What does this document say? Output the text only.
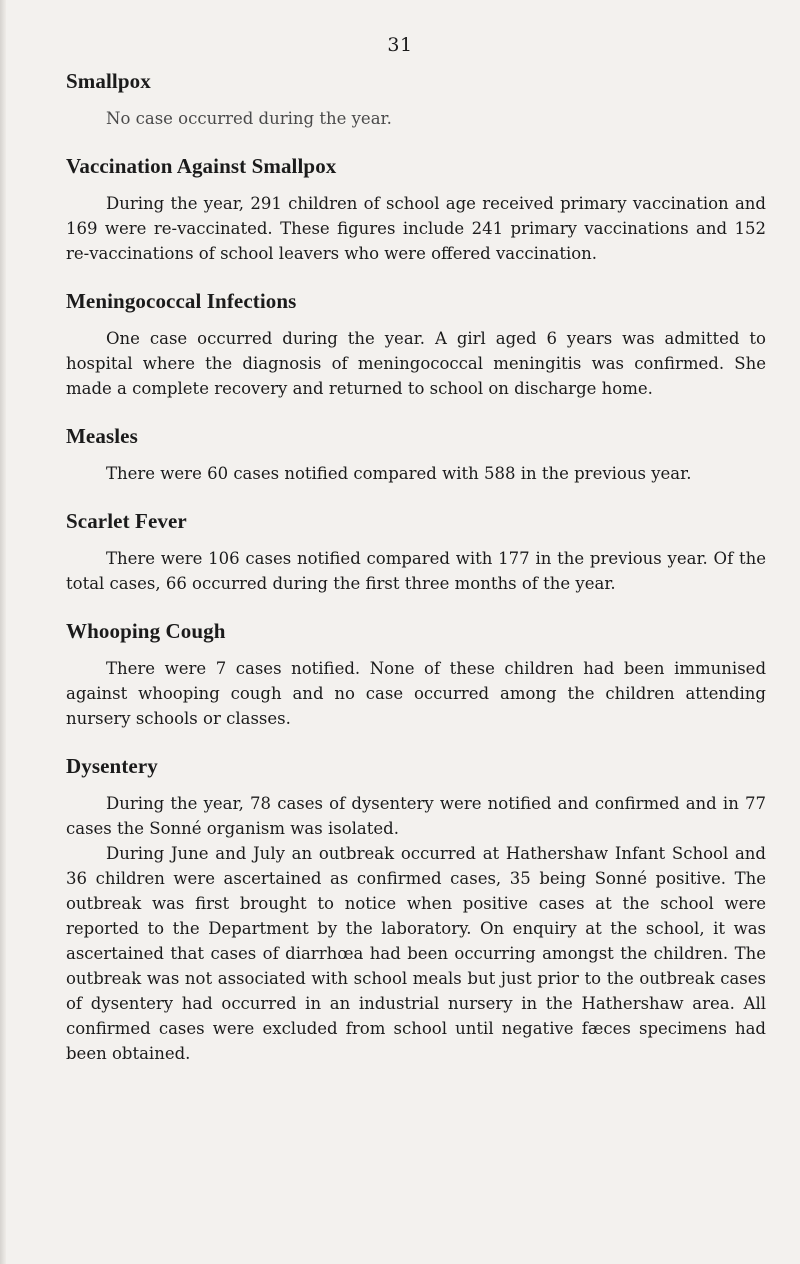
31
Smallpox

No case occurred during the year.

Vaccination Against Smallpox

During the year, 291 children of school age received primary vaccination and 169 were re-vaccinated. These figures include 241 primary vaccinations and 152 re-vaccinations of school leavers who were offered vaccination.

Meningococcal Infections

One case occurred during the year. A girl aged 6 years was admitted to hospital where the diagnosis of meningococcal meningitis was confirmed. She made a complete recovery and returned to school on discharge home.

Measles

There were 60 cases notified compared with 588 in the previous year.

Scarlet Fever

There were 106 cases notified compared with 177 in the previous year. Of the total cases, 66 occurred during the first three months of the year.

Whooping Cough

There were 7 cases notified. None of these children had been immunised against whooping cough and no case occurred among the children attending nursery schools or classes.

Dysentery

During the year, 78 cases of dysentery were notified and confirmed and in 77 cases the Sonné organism was isolated.

During June and July an outbreak occurred at Hathershaw Infant School and 36 children were ascertained as confirmed cases, 35 being Sonné positive. The outbreak was first brought to notice when positive cases at the school were reported to the Department by the laboratory. On enquiry at the school, it was ascertained that cases of diarrhœa had been occurring amongst the children. The outbreak was not associated with school meals but just prior to the outbreak cases of dysentery had occurred in an industrial nursery in the Hathershaw area. All confirmed cases were excluded from school until negative fæces specimens had been obtained.
